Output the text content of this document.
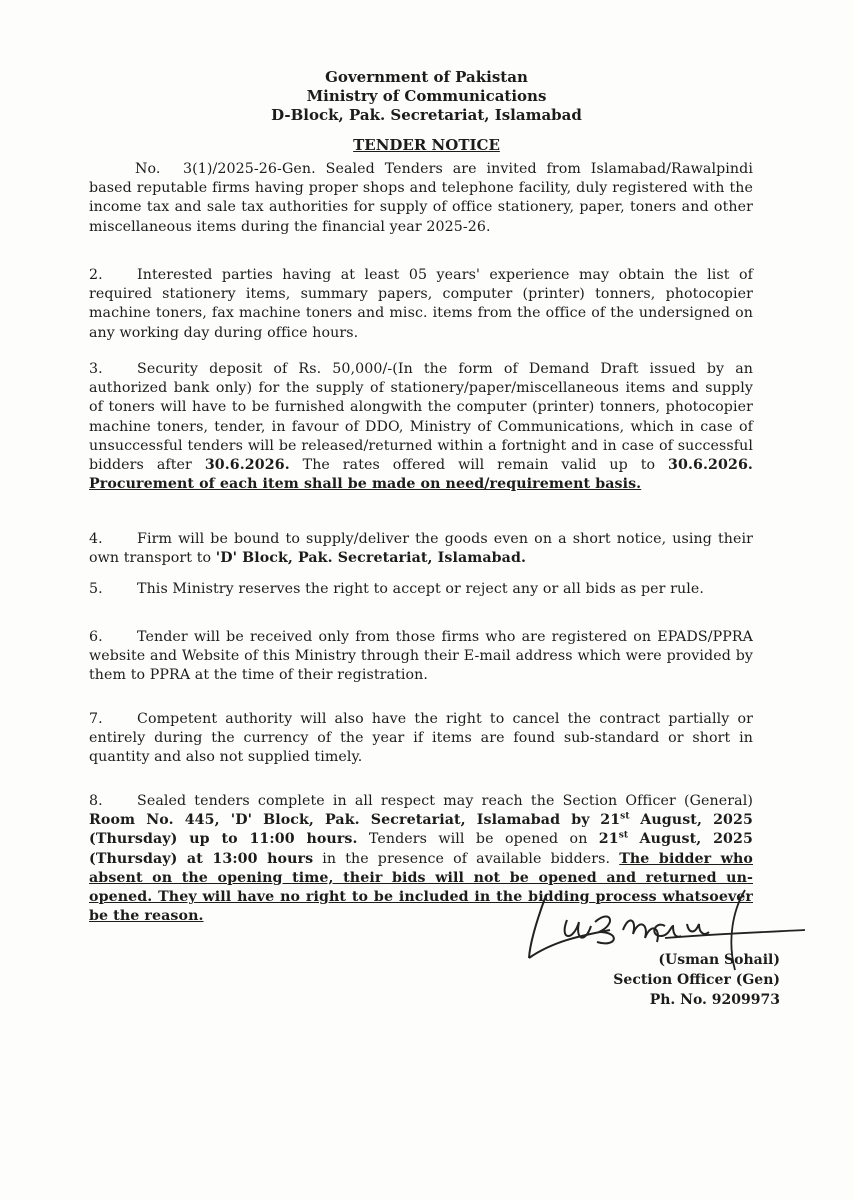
Government of Pakistan
Ministry of Communications
D-Block, Pak. Secretariat, Islamabad
TENDER NOTICE
No. 3(1)/2025-26-Gen. Sealed Tenders are invited from Islamabad/Rawalpindi based reputable firms having proper shops and telephone facility, duly registered with the income tax and sale tax authorities for supply of office stationery, paper, toners and other miscellaneous items during the financial year 2025-26.
2. Interested parties having at least 05 years' experience may obtain the list of required stationery items, summary papers, computer (printer) tonners, photocopier machine toners, fax machine toners and misc. items from the office of the undersigned on any working day during office hours.
3. Security deposit of Rs. 50,000/-(In the form of Demand Draft issued by an authorized bank only) for the supply of stationery/paper/miscellaneous items and supply of toners will have to be furnished alongwith the computer (printer) tonners, photocopier machine toners, tender, in favour of DDO, Ministry of Communications, which in case of unsuccessful tenders will be released/returned within a fortnight and in case of successful bidders after 30.6.2026. The rates offered will remain valid up to 30.6.2026. Procurement of each item shall be made on need/requirement basis.
4. Firm will be bound to supply/deliver the goods even on a short notice, using their own transport to 'D' Block, Pak. Secretariat, Islamabad.
5. This Ministry reserves the right to accept or reject any or all bids as per rule.
6. Tender will be received only from those firms who are registered on EPADS/PPRA website and Website of this Ministry through their E-mail address which were provided by them to PPRA at the time of their registration.
7. Competent authority will also have the right to cancel the contract partially or entirely during the currency of the year if items are found sub-standard or short in quantity and also not supplied timely.
8. Sealed tenders complete in all respect may reach the Section Officer (General) Room No. 445, 'D' Block, Pak. Secretariat, Islamabad by 21st August, 2025 (Thursday) up to 11:00 hours. Tenders will be opened on 21st August, 2025 (Thursday) at 13:00 hours in the presence of available bidders. The bidder who absent on the opening time, their bids will not be opened and returned un-opened. They will have no right to be included in the bidding process whatsoever be the reason.
(Usman Sohail)
Section Officer (Gen)
Ph. No. 9209973
